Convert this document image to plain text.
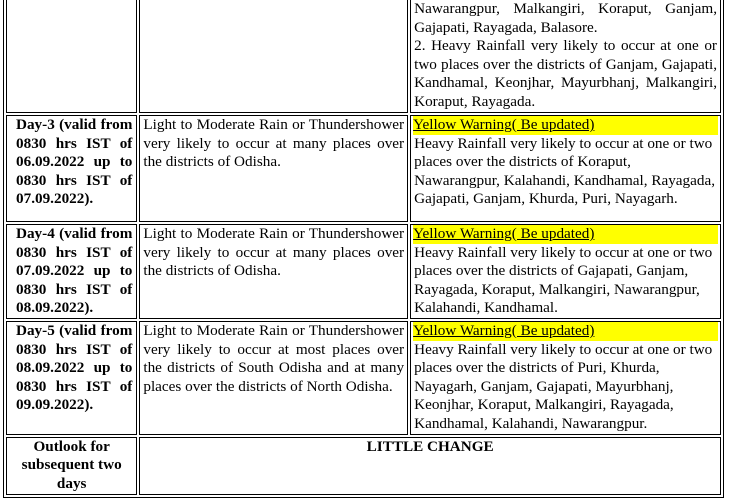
		Nawarangpur, Malkangiri, Koraput, Ganjam, Gajapati, Rayagada, Balasore.
2. Heavy Rainfall very likely to occur at one or two places over the districts of Ganjam, Gajapati, Kandhamal, Keonjhar, Mayurbhanj, Malkangiri, Koraput, Rayagada.

Day-3 (valid from 0830 hrs IST of 06.09.2022 up to 0830 hrs IST of 07.09.2022).	Light to Moderate Rain or Thundershower very likely to occur at many places over the districts of Odisha.	Yellow Warning( Be updated)
Heavy Rainfall very likely to occur at one or two places over the districts of Koraput, Nawarangpur, Kalahandi, Kandhamal, Rayagada, Gajapati, Ganjam, Khurda, Puri, Nayagarh.

Day-4 (valid from 0830 hrs IST of 07.09.2022 up to 0830 hrs IST of 08.09.2022).	Light to Moderate Rain or Thundershower very likely to occur at many places over the districts of Odisha.	Yellow Warning( Be updated)
Heavy Rainfall very likely to occur at one or two places over the districts of Gajapati, Ganjam, Rayagada, Koraput, Malkangiri, Nawarangpur, Kalahandi, Kandhamal.

Day-5 (valid from 0830 hrs IST of 08.09.2022 up to 0830 hrs IST of 09.09.2022).	Light to Moderate Rain or Thundershower very likely to occur at most places over the districts of South Odisha and at many places over the districts of North Odisha.	Yellow Warning( Be updated)
Heavy Rainfall very likely to occur at one or two places over the districts of Puri, Khurda, Nayagarh, Ganjam, Gajapati, Mayurbhanj, Keonjhar, Koraput, Malkangiri, Rayagada, Kandhamal, Kalahandi, Nawarangpur.

Outlook for subsequent two days	LITTLE CHANGE	
